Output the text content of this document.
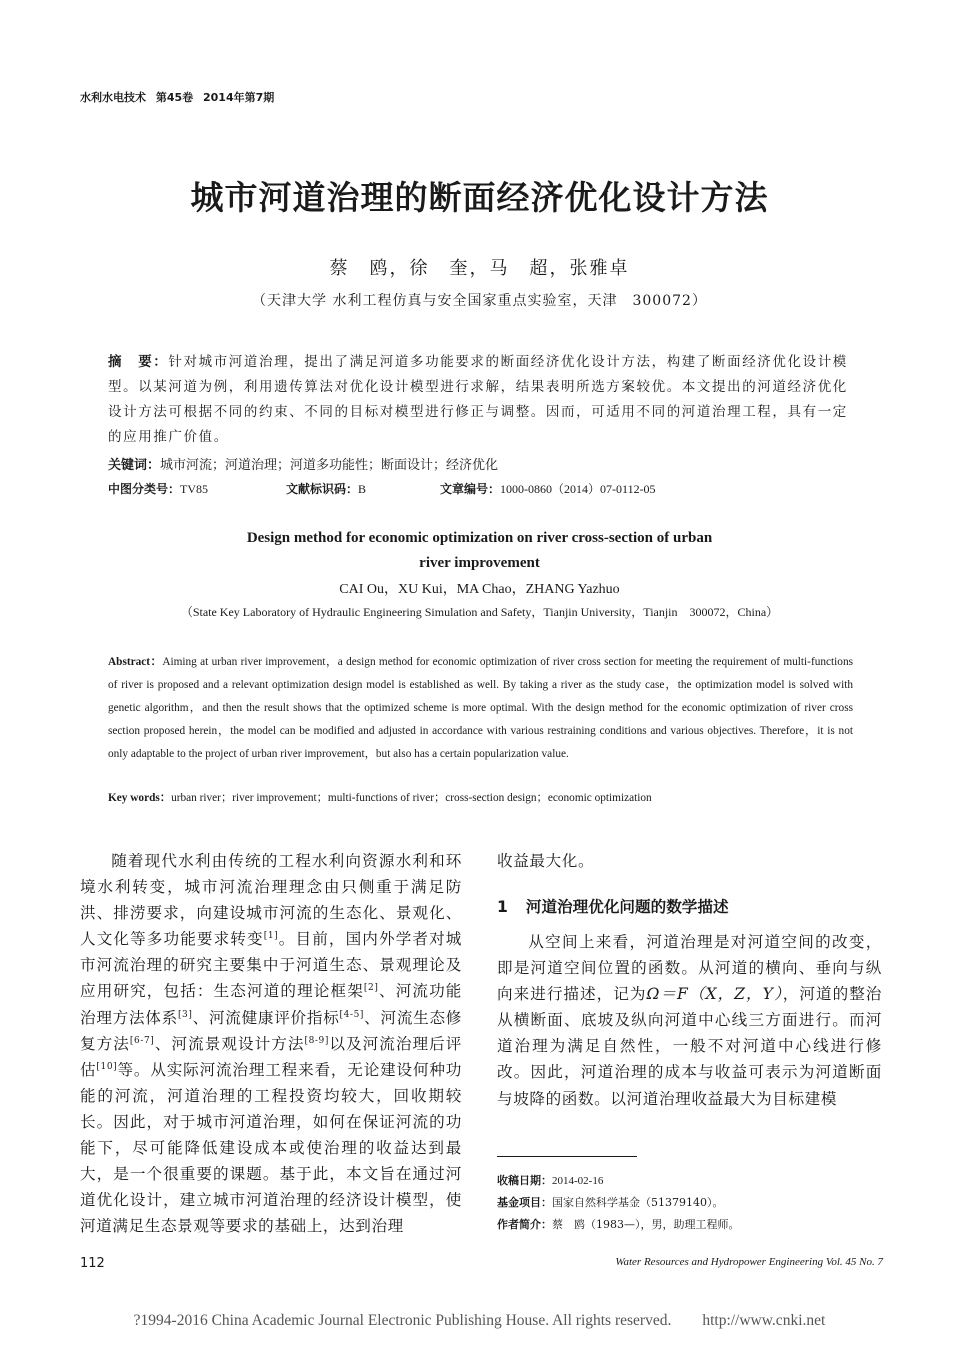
水利水电技术 第45卷 2014年第7期
城市河道治理的断面经济优化设计方法
蔡　鸥，徐　奎，马　超，张雅卓
（天津大学 水利工程仿真与安全国家重点实验室，天津　300072）
摘　要：针对城市河道治理，提出了满足河道多功能要求的断面经济优化设计方法，构建了断面经济优化设计模型。以某河道为例，利用遗传算法对优化设计模型进行求解，结果表明所选方案较优。本文提出的河道经济优化设计方法可根据不同的约束、不同的目标对模型进行修正与调整。因而，可适用不同的河道治理工程，具有一定的应用推广价值。
关键词：城市河流；河道治理；河道多功能性；断面设计；经济优化
中图分类号：TV85	文献标识码：B	文章编号：1000-0860（2014）07-0112-05
Design method for economic optimization on river cross-section of urban
river improvement
CAI Ou，XU Kui，MA Chao，ZHANG Yazhuo
（State Key Laboratory of Hydraulic Engineering Simulation and Safety，Tianjin University，Tianjin　300072，China）
Abstract：Aiming at urban river improvement，a design method for economic optimization of river cross section for meeting the requirement of multi-functions of river is proposed and a relevant optimization design model is established as well. By taking a river as the study case，the optimization model is solved with genetic algorithm，and then the result shows that the optimized scheme is more optimal. With the design method for the economic optimization of river cross section proposed herein，the model can be modified and adjusted in accordance with various restraining conditions and various objectives. Therefore，it is not only adaptable to the project of urban river improvement，but also has a certain popularization value.
Key words：urban river；river improvement；multi-functions of river；cross-section design；economic optimization
随着现代水利由传统的工程水利向资源水利和环境水利转变，城市河流治理理念由只侧重于满足防洪、排涝要求，向建设城市河流的生态化、景观化、人文化等多功能要求转变[1]。目前，国内外学者对城市河流治理的研究主要集中于河道生态、景观理论及应用研究，包括：生态河道的理论框架[2]、河流功能治理方法体系[3]、河流健康评价指标[4-5]、河流生态修复方法[6-7]、河流景观设计方法[8-9]以及河流治理后评估[10]等。从实际河流治理工程来看，无论建设何种功能的河流，河道治理的工程投资均较大，回收期较长。因此，对于城市河道治理，如何在保证河流的功能下，尽可能降低建设成本或使治理的收益达到最大，是一个很重要的课题。基于此，本文旨在通过河道优化设计，建立城市河道治理的经济设计模型，使河道满足生态景观等要求的基础上，达到治理
收益最大化。
1 河道治理优化问题的数学描述
从空间上来看，河道治理是对河道空间的改变，即是河道空间位置的函数。从河道的横向、垂向与纵向来进行描述，记为Ω＝F（X，Z，Y），河道的整治从横断面、底坡及纵向河道中心线三方面进行。而河道治理为满足自然性，一般不对河道中心线进行修改。因此，河道治理的成本与收益可表示为河道断面与坡降的函数。以河道治理收益最大为目标建模
收稿日期：2014-02-16
基金项目：国家自然科学基金（51379140）。
作者简介：蔡　鸥（1983—），男，助理工程师。
112	Water Resources and Hydropower Engineering Vol. 45 No. 7
?1994-2016 China Academic Journal Electronic Publishing House. All rights reserved.　　http://www.cnki.net
